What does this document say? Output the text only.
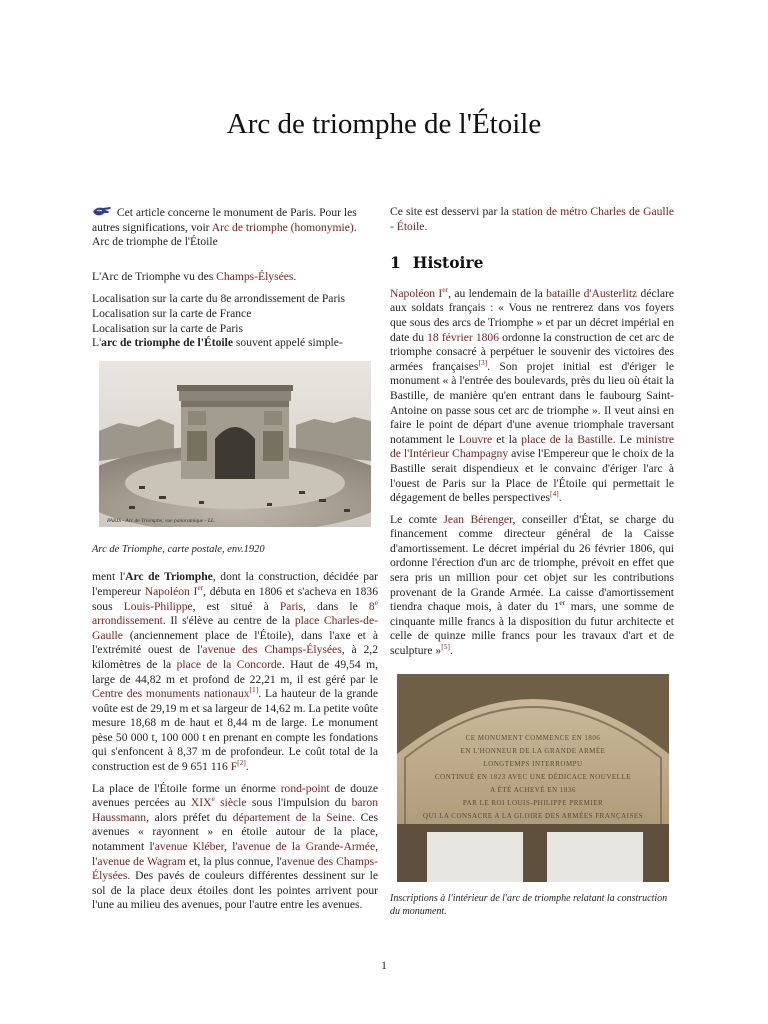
Arc de triomphe de l'Étoile

Cet article concerne le monument de Paris. Pour les autres significations, voir Arc de triomphe (homonymie).
Arc de triomphe de l'Étoile

L'Arc de Triomphe vu des Champs-Élysées.
Localisation sur la carte du 8e arrondissement de Paris
Localisation sur la carte de France
Localisation sur la carte de Paris
L'arc de triomphe de l'Étoile souvent appelé simple-
PARIS - Arc de Triomphe, vue panoramique - LL.
Arc de Triomphe, carte postale, env.1920

ment l'Arc de Triomphe, dont la construction, décidée par l'empereur Napoléon Ier, débuta en 1806 et s'acheva en 1836 sous Louis-Philippe, est situé à Paris, dans le 8e arrondissement. Il s'élève au centre de la place Charles-de-Gaulle (anciennement place de l'Étoile), dans l'axe et à l'extrémité ouest de l'avenue des Champs-Élysées, à 2,2 kilomètres de la place de la Concorde. Haut de 49,54 m, large de 44,82 m et profond de 22,21 m, il est géré par le Centre des monuments nationaux[1]. La hauteur de la grande voûte est de 29,19 m et sa largeur de 14,62 m. La petite voûte mesure 18,68 m de haut et 8,44 m de large. Le monument pèse 50 000 t, 100 000 t en prenant en compte les fondations qui s'enfoncent à 8,37 m de profondeur. Le coût total de la construction est de 9 651 116 F[2].

La place de l'Étoile forme un énorme rond-point de douze avenues percées au XIXe siècle sous l'impulsion du baron Haussmann, alors préfet du département de la Seine. Ces avenues « rayonnent » en étoile autour de la place, notamment l'avenue Kléber, l'avenue de la Grande-Armée, l'avenue de Wagram et, la plus connue, l'avenue des Champs-Élysées. Des pavés de couleurs différentes dessinent sur le sol de la place deux étoiles dont les pointes arrivent pour l'une au milieu des avenues, pour l'autre entre les avenues.

Ce site est desservi par la station de métro Charles de Gaulle - Étoile.

1 Histoire

Napoléon Ier, au lendemain de la bataille d'Austerlitz déclare aux soldats français : « Vous ne rentrerez dans vos foyers que sous des arcs de Triomphe » et par un décret impérial en date du 18 février 1806 ordonne la construction de cet arc de triomphe consacré à perpétuer le souvenir des victoires des armées françaises[3]. Son projet initial est d'ériger le monument « à l'entrée des boulevards, près du lieu où était la Bastille, de manière qu'en entrant dans le faubourg Saint-Antoine on passe sous cet arc de triomphe ». Il veut ainsi en faire le point de départ d'une avenue triomphale traversant notamment le Louvre et la place de la Bastille. Le ministre de l'Intérieur Champagny avise l'Empereur que le choix de la Bastille serait dispendieux et le convainc d'ériger l'arc à l'ouest de Paris sur la Place de l'Étoile qui permettait le dégagement de belles perspectives[4].

Le comte Jean Bérenger, conseiller d'État, se charge du financement comme directeur général de la Caisse d'amortissement. Le décret impérial du 26 février 1806, qui ordonne l'érection d'un arc de triomphe, prévoit en effet que sera pris un million pour cet objet sur les contributions provenant de la Grande Armée. La caisse d'amortissement tiendra chaque mois, à dater du 1er mars, une somme de cinquante mille francs à la disposition du futur architecte et celle de quinze mille francs pour les travaux d'art et de sculpture »[5].

CE MONUMENT COMMENCE EN 1806
EN L'HONNEUR DE LA GRANDE ARMÉE
LONGTEMPS INTERROMPU
CONTINUÉ EN 1823 AVEC UNE DÉDICACE NOUVELLE
A ÉTÉ ACHEVÉ EN 1836
PAR LE ROI LOUIS-PHILIPPE PREMIER
QUI LA CONSACRE A LA GLOIRE DES ARMÉES FRANÇAISES
Inscriptions à l'intérieur de l'arc de triomphe relatant la construction du monument.
1
